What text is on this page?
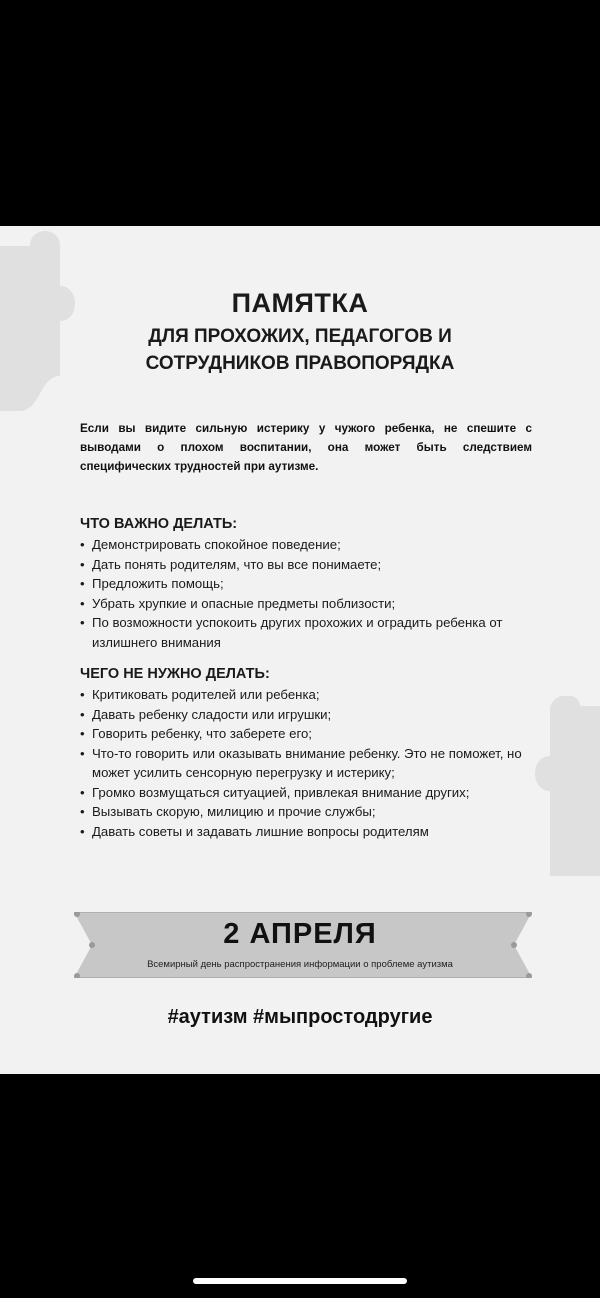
ПАМЯТКА
ДЛЯ ПРОХОЖИХ, ПЕДАГОГОВ И
СОТРУДНИКОВ ПРАВОПОРЯДКА
Если вы видите сильную истерику у чужого ребенка, не спешите с выводами о плохом воспитании, она может быть следствием специфических трудностей при аутизме.
ЧТО ВАЖНО ДЕЛАТЬ:
• Демонстрировать спокойное поведение;
• Дать понять родителям, что вы все понимаете;
• Предложить помощь;
• Убрать хрупкие и опасные предметы поблизости;
• По возможности успокоить других прохожих и оградить ребенка от излишнего внимания
ЧЕГО НЕ НУЖНО ДЕЛАТЬ:
• Критиковать родителей или ребенка;
• Давать ребенку сладости или игрушки;
• Говорить ребенку, что заберете его;
• Что-то говорить или оказывать внимание ребенку. Это не поможет, но может усилить сенсорную перегрузку и истерику;
• Громко возмущаться ситуацией, привлекая внимание других;
• Вызывать скорую, милицию и прочие службы;
• Давать советы и задавать лишние вопросы родителям
2 АПРЕЛЯ
Всемирный день распространения информации о проблеме аутизма
#аутизм #мыпростодругие
